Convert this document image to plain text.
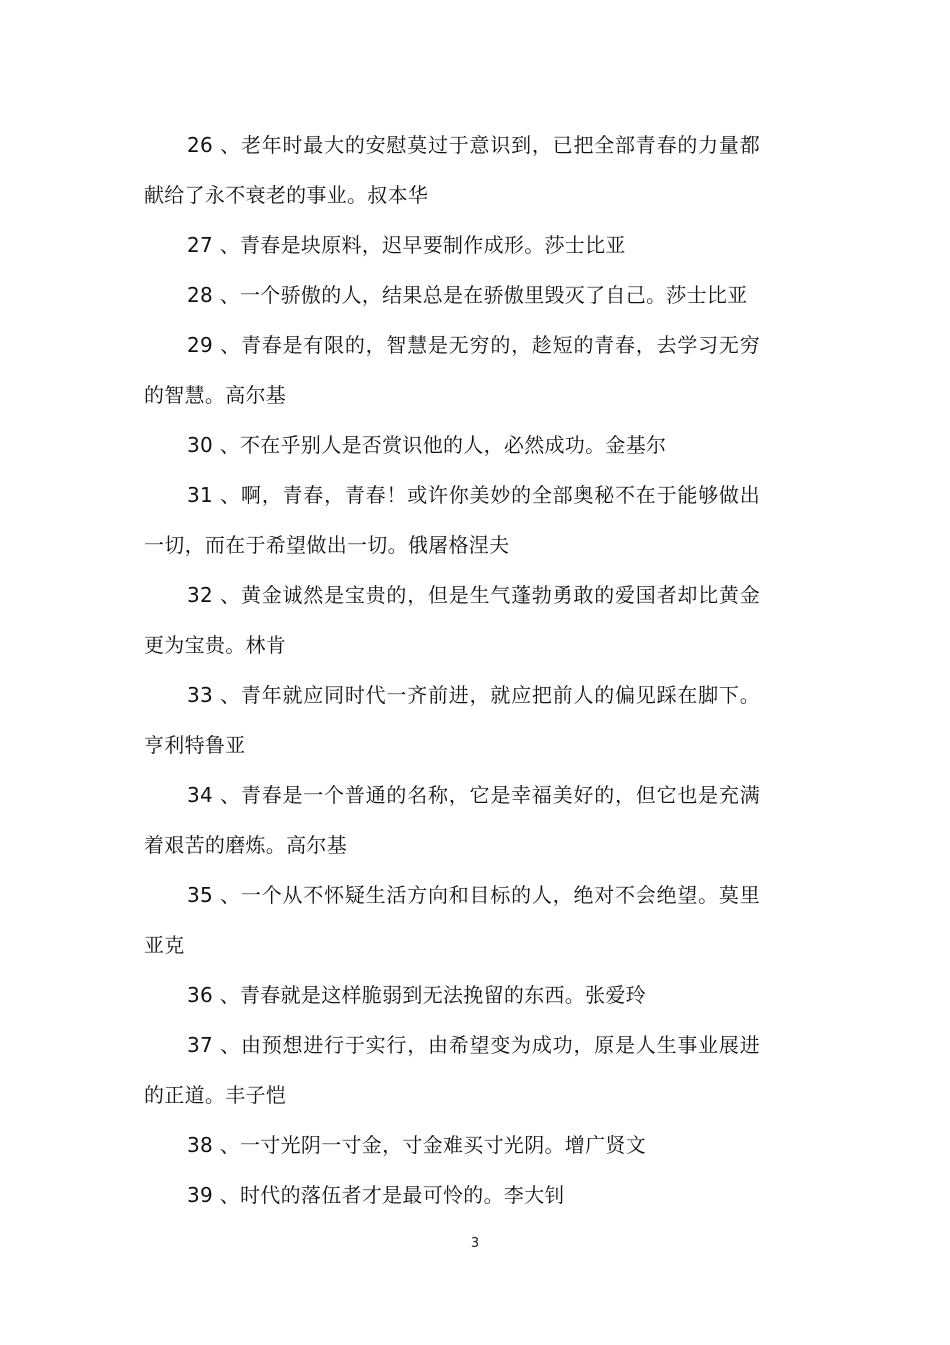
26 、老年时最大的安慰莫过于意识到，已把全部青春的力量都献给了永不衰老的事业。叔本华

27 、青春是块原料，迟早要制作成形。莎士比亚

28 、一个骄傲的人，结果总是在骄傲里毁灭了自己。莎士比亚

29 、青春是有限的，智慧是无穷的，趁短的青春，去学习无穷的智慧。高尔基

30 、不在乎别人是否赏识他的人，必然成功。金基尔

31 、啊，青春，青春！或许你美妙的全部奥秘不在于能够做出一切，而在于希望做出一切。俄屠格涅夫

32 、黄金诚然是宝贵的，但是生气蓬勃勇敢的爱国者却比黄金更为宝贵。林肯

33 、青年就应同时代一齐前进，就应把前人的偏见踩在脚下。亨利特鲁亚

34 、青春是一个普通的名称，它是幸福美好的，但它也是充满着艰苦的磨炼。高尔基

35 、一个从不怀疑生活方向和目标的人，绝对不会绝望。莫里亚克

36 、青春就是这样脆弱到无法挽留的东西。张爱玲

37 、由预想进行于实行，由希望变为成功，原是人生事业展进的正道。丰子恺

38 、一寸光阴一寸金，寸金难买寸光阴。增广贤文

39 、时代的落伍者才是最可怜的。李大钊

3
